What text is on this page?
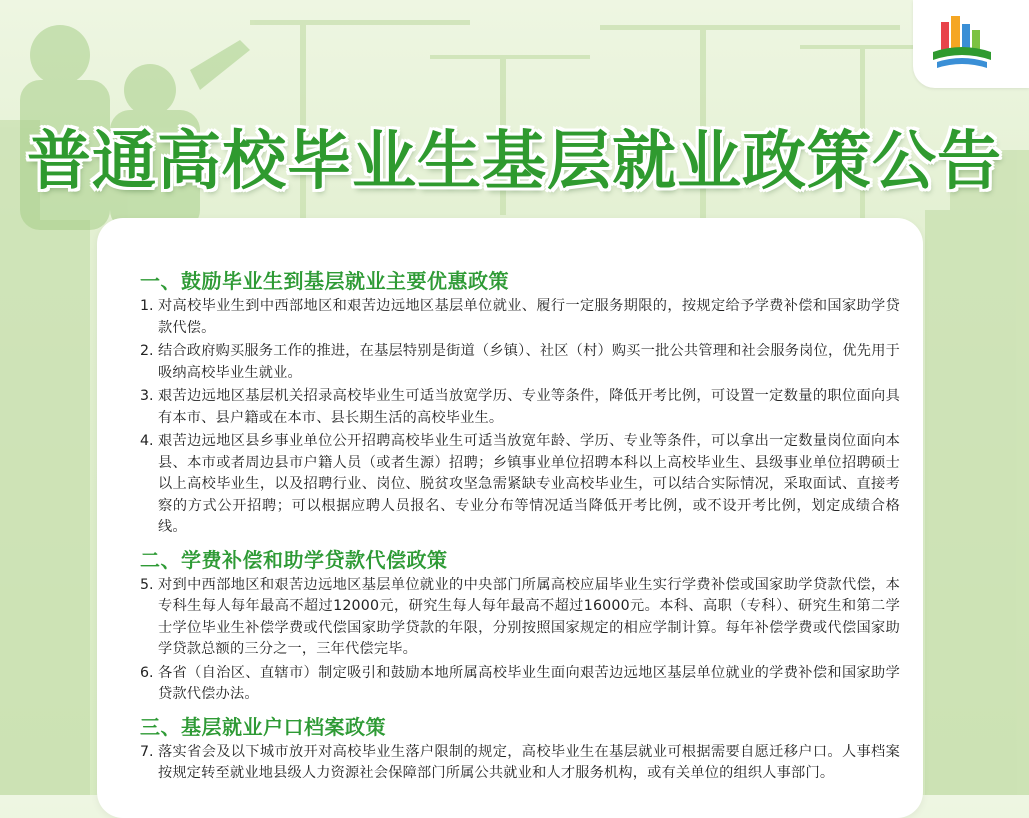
普通高校毕业生基层就业政策公告
一、鼓励毕业生到基层就业主要优惠政策
1. 对高校毕业生到中西部地区和艰苦边远地区基层单位就业、履行一定服务期限的，按规定给予学费补偿和国家助学贷款代偿。
2. 结合政府购买服务工作的推进，在基层特别是街道（乡镇）、社区（村）购买一批公共管理和社会服务岗位，优先用于吸纳高校毕业生就业。
3. 艰苦边远地区基层机关招录高校毕业生可适当放宽学历、专业等条件，降低开考比例，可设置一定数量的职位面向具有本市、县户籍或在本市、县长期生活的高校毕业生。
4. 艰苦边远地区县乡事业单位公开招聘高校毕业生可适当放宽年龄、学历、专业等条件，可以拿出一定数量岗位面向本县、本市或者周边县市户籍人员（或者生源）招聘；乡镇事业单位招聘本科以上高校毕业生、县级事业单位招聘硕士以上高校毕业生，以及招聘行业、岗位、脱贫攻坚急需紧缺专业高校毕业生，可以结合实际情况，采取面试、直接考察的方式公开招聘；可以根据应聘人员报名、专业分布等情况适当降低开考比例，或不设开考比例，划定成绩合格线。
二、学费补偿和助学贷款代偿政策
5. 对到中西部地区和艰苦边远地区基层单位就业的中央部门所属高校应届毕业生实行学费补偿或国家助学贷款代偿，本专科生每人每年最高不超过12000元，研究生每人每年最高不超过16000元。本科、高职（专科）、研究生和第二学士学位毕业生补偿学费或代偿国家助学贷款的年限，分别按照国家规定的相应学制计算。每年补偿学费或代偿国家助学贷款总额的三分之一，三年代偿完毕。
6. 各省（自治区、直辖市）制定吸引和鼓励本地所属高校毕业生面向艰苦边远地区基层单位就业的学费补偿和国家助学贷款代偿办法。
三、基层就业户口档案政策
7. 落实省会及以下城市放开对高校毕业生落户限制的规定，高校毕业生在基层就业可根据需要自愿迁移户口。人事档案按规定转至就业地县级人力资源社会保障部门所属公共就业和人才服务机构，或有关单位的组织人事部门。
